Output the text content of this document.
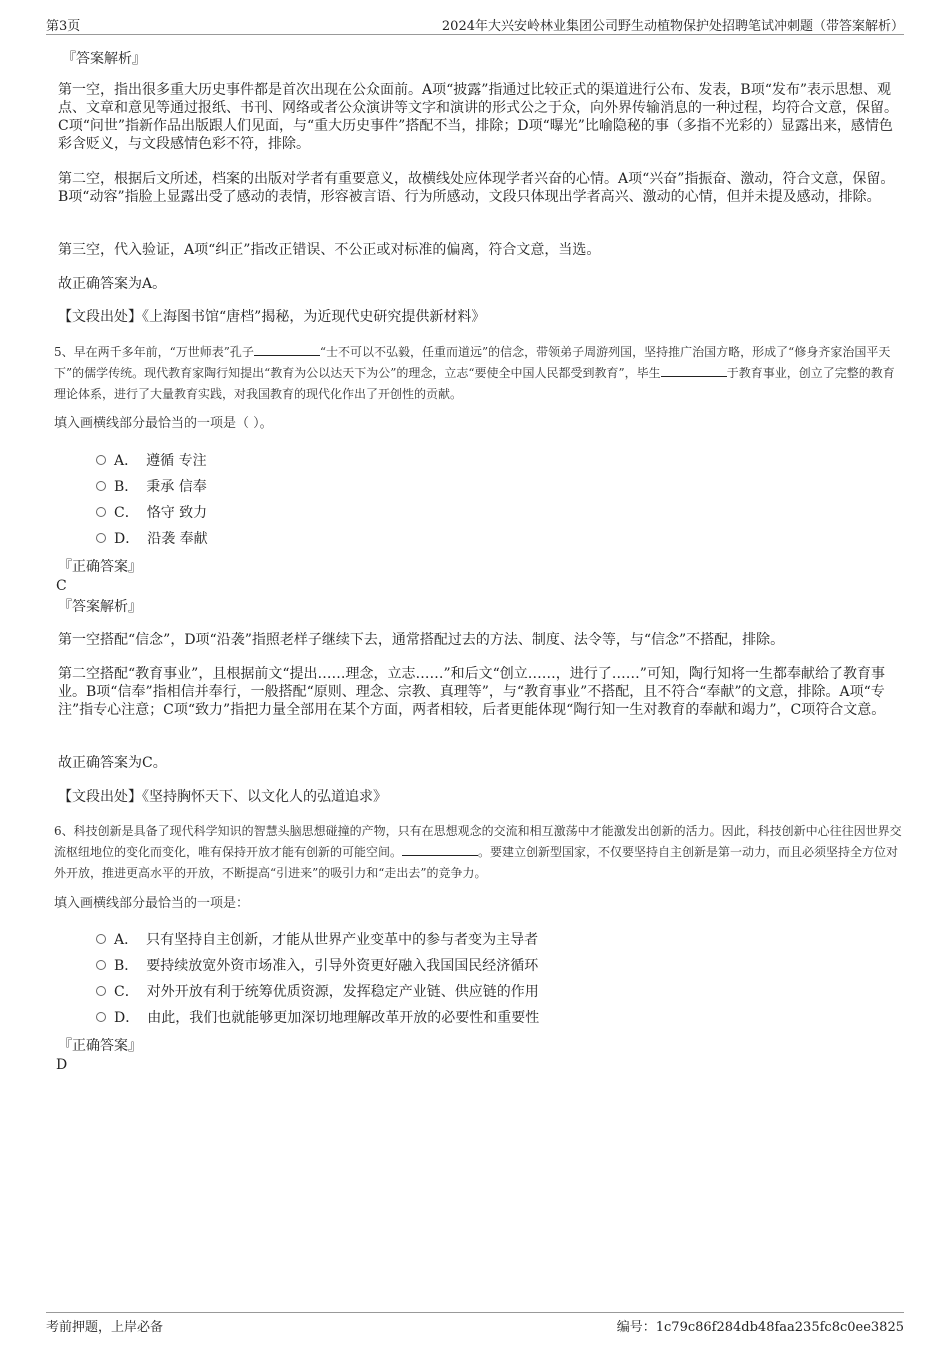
第3页	2024年大兴安岭林业集团公司野生动植物保护处招聘笔试冲刺题（带答案解析）
『答案解析』

第一空，指出很多重大历史事件都是首次出现在公众面前。A项“披露”指通过比较正式的渠道进行公布、发表，B项“发布”表示思想、观点、文章和意见等通过报纸、书刊、网络或者公众演讲等文字和演讲的形式公之于众，向外界传输消息的一种过程，均符合文意，保留。C项“问世”指新作品出版跟人们见面，与“重大历史事件”搭配不当，排除；D项“曝光”比喻隐秘的事（多指不光彩的）显露出来，感情色彩含贬义，与文段感情色彩不符，排除。

第二空，根据后文所述，档案的出版对学者有重要意义，故横线处应体现学者兴奋的心情。A项“兴奋”指振奋、激动，符合文意，保留。B项“动容”指脸上显露出受了感动的表情，形容被言语、行为所感动，文段只体现出学者高兴、激动的心情，但并未提及感动，排除。

第三空，代入验证，A项“纠正”指改正错误、不公正或对标准的偏离，符合文意，当选。

故正确答案为A。

【文段出处】《上海图书馆“唐档”揭秘，为近现代史研究提供新材料》

5、早在两千多年前，“万世师表”孔子	“士不可以不弘毅，任重而道远”的信念，带领弟子周游列国，坚持推广治国方略，形成了“修身齐家治国平天下”的儒学传统。现代教育家陶行知提出“教育为公以达天下为公”的理念，立志“要使全中国人民都受到教育”，毕生	于教育事业，创立了完整的教育理论体系，进行了大量教育实践，对我国教育的现代化作出了开创性的贡献。

填入画横线部分最恰当的一项是（ ）。

A． 遵循 专注
B． 秉承 信奉
C． 恪守 致力
D． 沿袭 奉献
『正确答案』
C
『答案解析』

第一空搭配“信念”，D项“沿袭”指照老样子继续下去，通常搭配过去的方法、制度、法令等，与“信念”不搭配，排除。

第二空搭配“教育事业”，且根据前文“提出……理念，立志……”和后文“创立……，进行了……”可知，陶行知将一生都奉献给了教育事业。B项“信奉”指相信并奉行，一般搭配“原则、理念、宗教、真理等”，与“教育事业”不搭配，且不符合“奉献”的文意，排除。A项“专注”指专心注意；C项“致力”指把力量全部用在某个方面，两者相较，后者更能体现“陶行知一生对教育的奉献和竭力”，C项符合文意。

故正确答案为C。

【文段出处】《坚持胸怀天下、以文化人的弘道追求》

6、科技创新是具备了现代科学知识的智慧头脑思想碰撞的产物，只有在思想观念的交流和相互激荡中才能激发出创新的活力。因此，科技创新中心往往因世界交流枢纽地位的变化而变化，唯有保持开放才能有创新的可能空间。	。要建立创新型国家，不仅要坚持自主创新是第一动力，而且必须坚持全方位对外开放，推进更高水平的开放，不断提高“引进来”的吸引力和“走出去”的竞争力。

填入画横线部分最恰当的一项是：

A． 只有坚持自主创新，才能从世界产业变革中的参与者变为主导者
B． 要持续放宽外资市场准入，引导外资更好融入我国国民经济循环
C． 对外开放有利于统筹优质资源，发挥稳定产业链、供应链的作用
D． 由此，我们也就能够更加深切地理解改革开放的必要性和重要性
『正确答案』
D
考前押题，上岸必备	编号：1c79c86f284db48faa235fc8c0ee3825
